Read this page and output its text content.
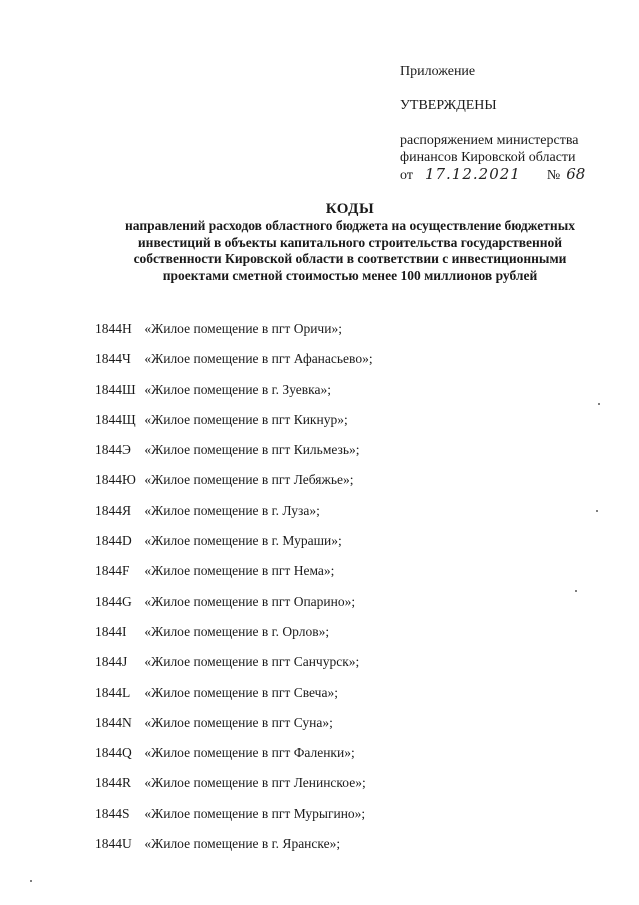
Приложение
УТВЕРЖДЕНЫ
распоряжением министерства
финансов Кировской области
от 17.12.2021 № 68
КОДЫ
направлений расходов областного бюджета на осуществление бюджетных
инвестиций в объекты капитального строительства государственной
собственности Кировской области в соответствии с инвестиционными
проектами сметной стоимостью менее 100 миллионов рублей
1844Н «Жилое помещение в пгт Оричи»;
1844Ч «Жилое помещение в пгт Афанасьево»;
1844Ш «Жилое помещение в г. Зуевка»;
1844Щ «Жилое помещение в пгт Кикнур»;
1844Э «Жилое помещение в пгт Кильмезь»;
1844Ю «Жилое помещение в пгт Лебяжье»;
1844Я «Жилое помещение в г. Луза»;
1844D «Жилое помещение в г. Мураши»;
1844F «Жилое помещение в пгт Нема»;
1844G «Жилое помещение в пгт Опарино»;
1844I «Жилое помещение в г. Орлов»;
1844J «Жилое помещение в пгт Санчурск»;
1844L «Жилое помещение в пгт Свеча»;
1844N «Жилое помещение в пгт Суна»;
1844Q «Жилое помещение в пгт Фаленки»;
1844R «Жилое помещение в пгт Ленинское»;
1844S «Жилое помещение в пгт Мурыгино»;
1844U «Жилое помещение в г. Яранске»;
